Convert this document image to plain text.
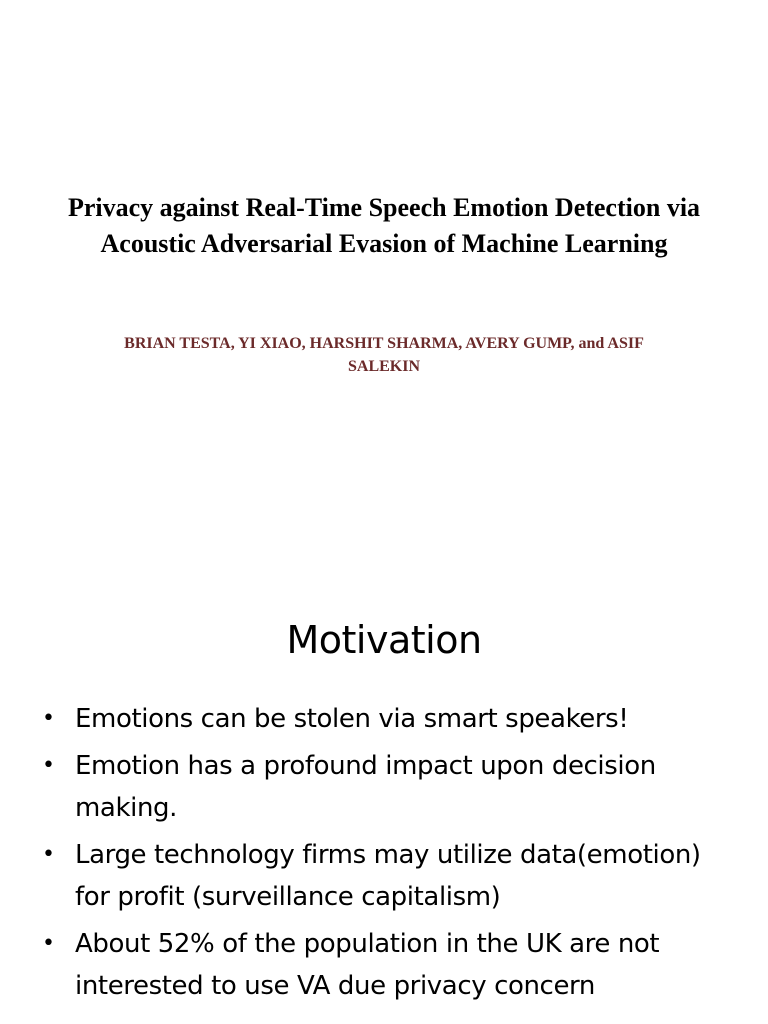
Privacy against Real-Time Speech Emotion Detection via Acoustic Adversarial Evasion of Machine Learning

BRIAN TESTA, YI XIAO, HARSHIT SHARMA, AVERY GUMP, and ASIF SALEKIN

Motivation
• Emotions can be stolen via smart speakers!
• Emotion has a profound impact upon decision making.
• Large technology firms may utilize data(emotion) for profit (surveillance capitalism)
• About 52% of the population in the UK are not interested to use VA due privacy concern
